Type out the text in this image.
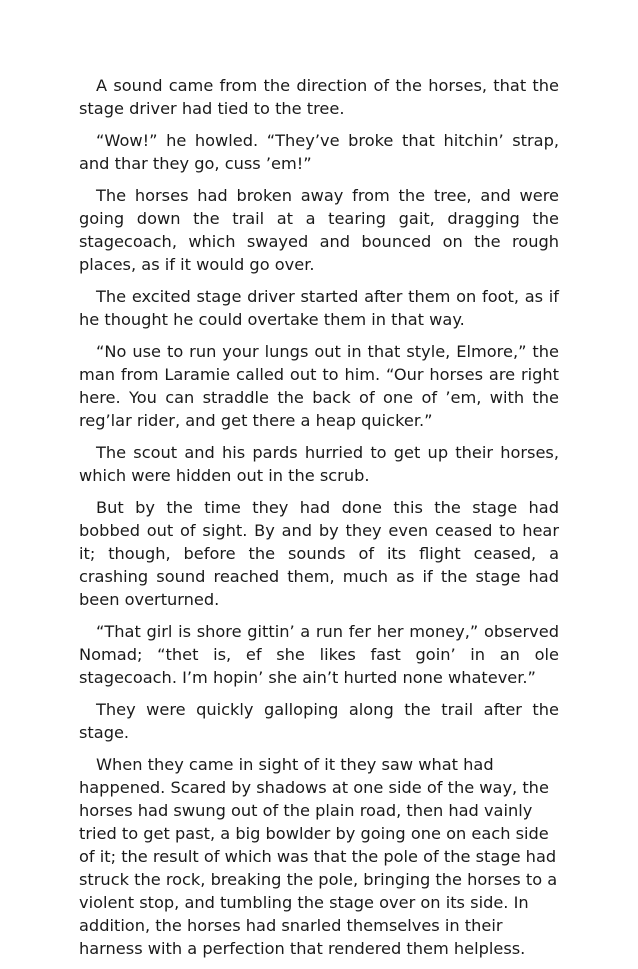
A sound came from the direction of the horses, that the stage driver had tied to the tree.

“Wow!” he howled. “They’ve broke that hitchin’ strap, and thar they go, cuss ’em!”

The horses had broken away from the tree, and were going down the trail at a tearing gait, dragging the stagecoach, which swayed and bounced on the rough places, as if it would go over.

The excited stage driver started after them on foot, as if he thought he could overtake them in that way.

“No use to run your lungs out in that style, Elmore,” the man from Laramie called out to him. “Our horses are right here. You can straddle the back of one of ’em, with the reg’lar rider, and get there a heap quicker.”

The scout and his pards hurried to get up their horses, which were hidden out in the scrub.

But by the time they had done this the stage had bobbed out of sight. By and by they even ceased to hear it; though, before the sounds of its flight ceased, a crashing sound reached them, much as if the stage had been overturned.

“That girl is shore gittin’ a run fer her money,” observed Nomad; “thet is, ef she likes fast goin’ in an ole stagecoach. I’m hopin’ she ain’t hurted none whatever.”

They were quickly galloping along the trail after the stage.

When they came in sight of it they saw what had happened. Scared by shadows at one side of the way, the horses had swung out of the plain road, then had vainly tried to get past, a big bowlder by going one on each side of it; the result of which was that the pole of the stage had struck the rock, breaking the pole, bringing the horses to a violent stop, and tumbling the stage over on its side. In addition, the horses had snarled themselves in their harness with a perfection that rendered them helpless.
